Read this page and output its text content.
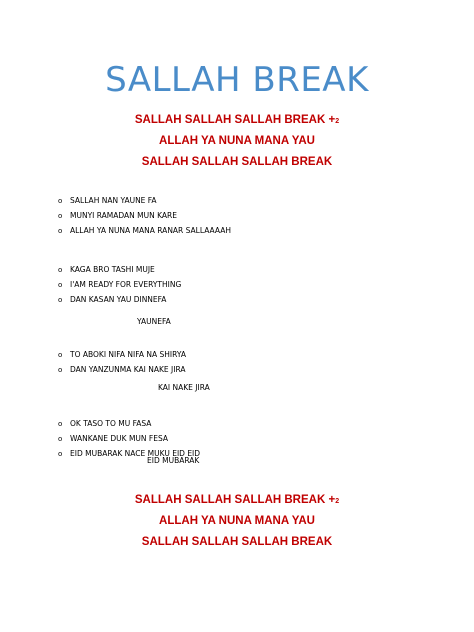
SALLAH BREAK
SALLAH SALLAH SALLAH BREAK +2
ALLAH YA NUNA MANA YAU
SALLAH SALLAH SALLAH BREAK
o SALLAH NAN YAUNE FA
o MUNYI RAMADAN MUN KARE
o ALLAH YA NUNA MANA RANAR SALLAAAAH
o KAGA BRO TASHI MUJE
o I'AM READY FOR EVERYTHING
o DAN KASAN YAU DINNEFA
YAUNEFA
o TO ABOKI NIFA NIFA NA SHIRYA
o DAN YANZUNMA KAI NAKE JIRA
KAI NAKE JIRA
o OK TASO TO MU FASA
o WANKANE DUK MUN FESA
o EID MUBARAK NACE MUKU EID EID
EID MUBARAK
SALLAH SALLAH SALLAH BREAK +2
ALLAH YA NUNA MANA YAU
SALLAH SALLAH SALLAH BREAK
